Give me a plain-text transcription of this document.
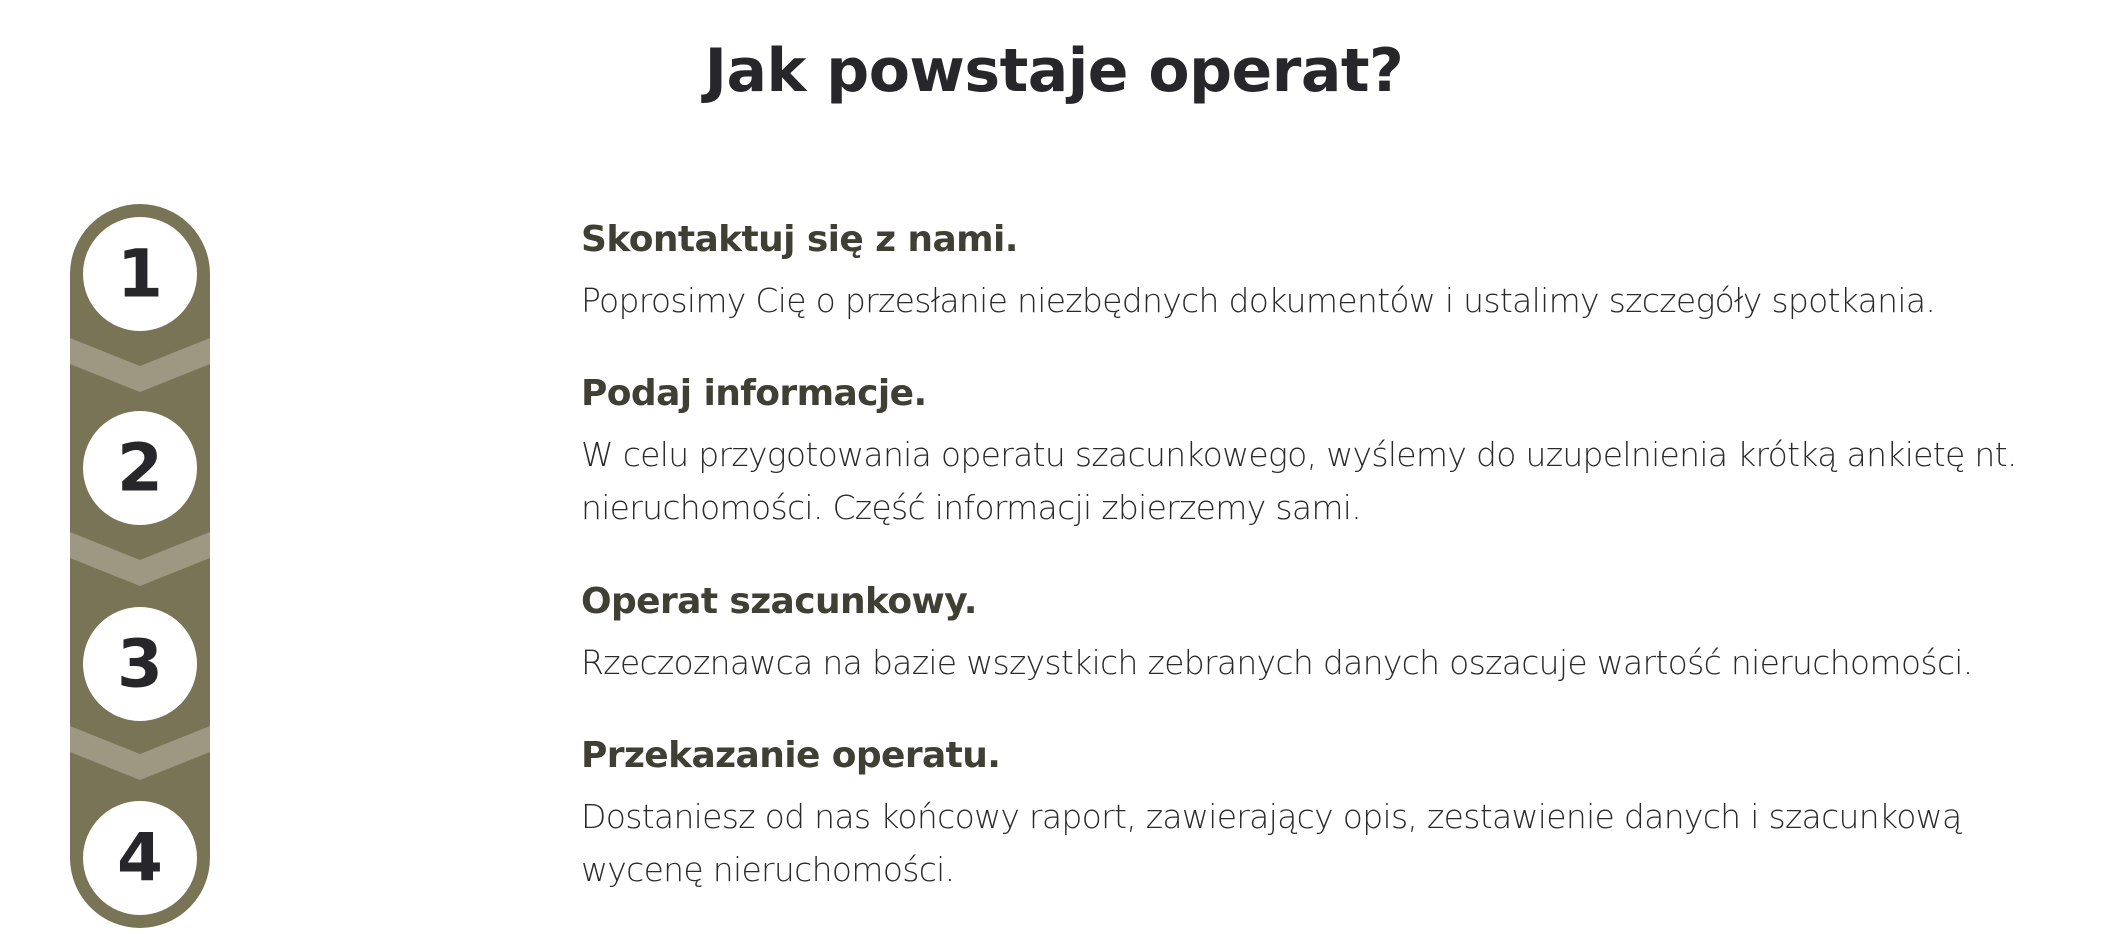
Jak powstaje operat?
1
2
3
4
Skontaktuj się z nami.

Poprosimy Cię o przesłanie niezbędnych dokumentów i ustalimy szczegóły spotkania.

Podaj informacje.

W celu przygotowania operatu szacunkowego, wyślemy do uzupelnienia krótką ankietę nt. nieruchomości. Część informacji zbierzemy sami.

Operat szacunkowy.

Rzeczoznawca na bazie wszystkich zebranych danych oszacuje wartość nieruchomości.

Przekazanie operatu.

Dostaniesz od nas końcowy raport, zawierający opis, zestawienie danych i szacunkową wycenę nieruchomości.
